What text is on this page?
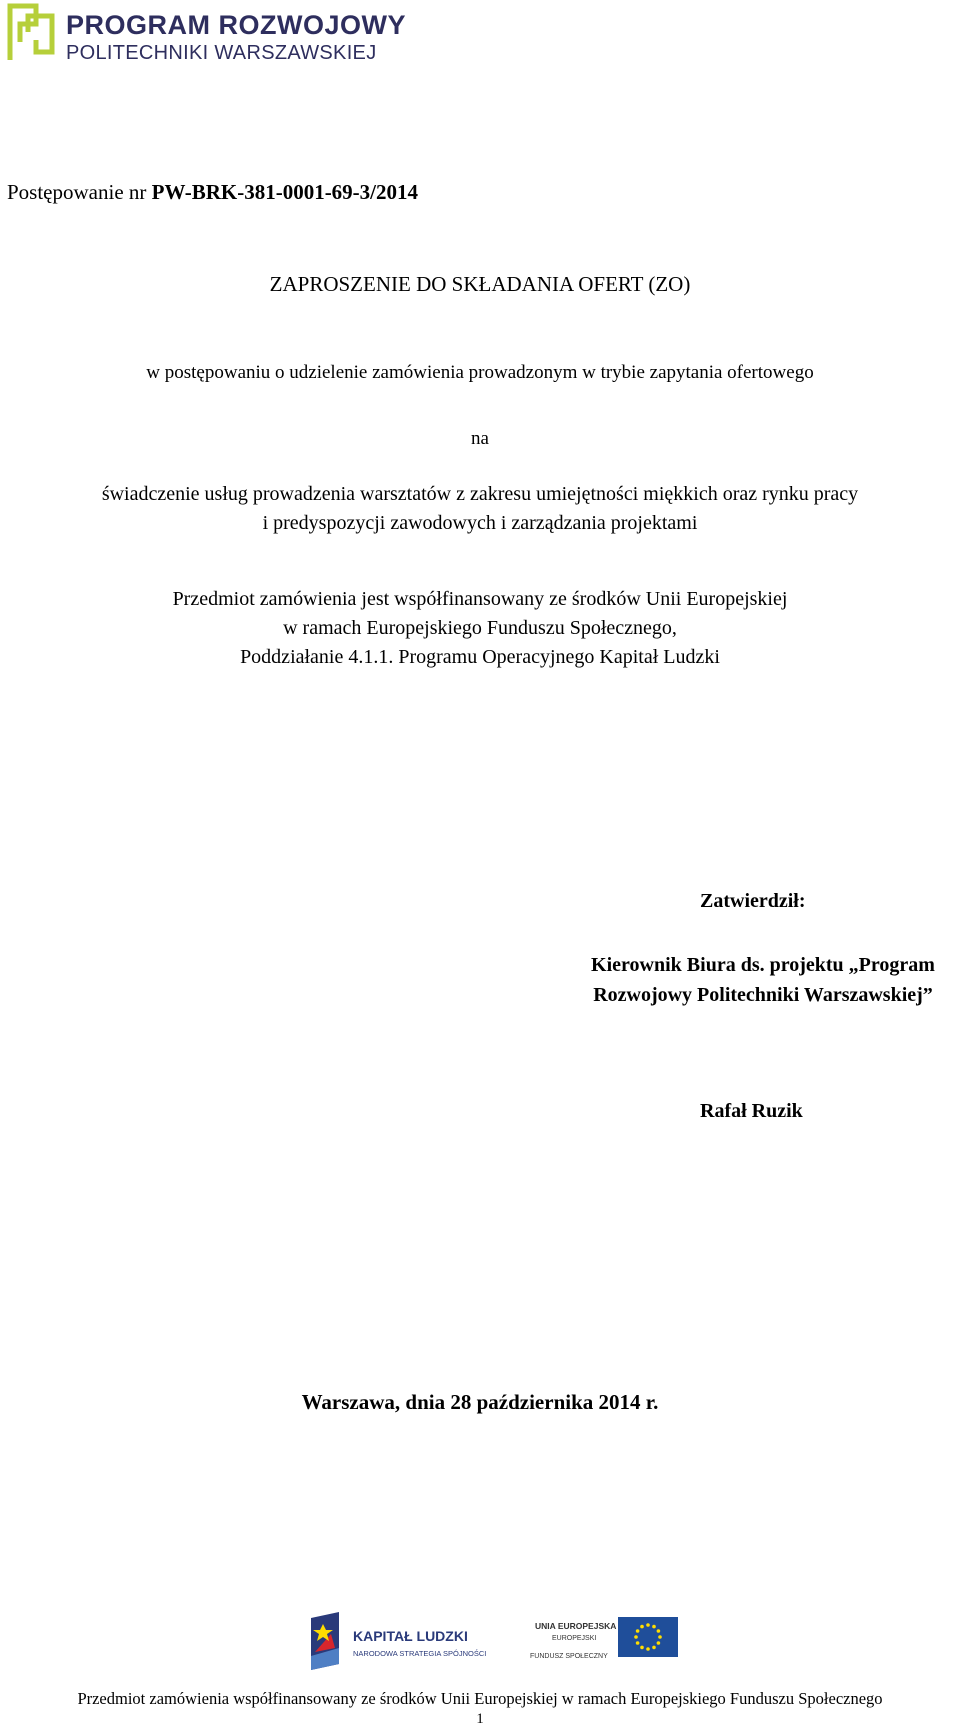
PROGRAM ROZWOJOWY
POLITECHNIKI WARSZAWSKIEJ
Postępowanie nr PW-BRK-381-0001-69-3/2014
ZAPROSZENIE DO SKŁADANIA OFERT (ZO)
w postępowaniu o udzielenie zamówienia prowadzonym w trybie zapytania ofertowego
na
świadczenie usług prowadzenia warsztatów z zakresu umiejętności miękkich oraz rynku pracy
i predyspozycji zawodowych i zarządzania projektami
Przedmiot zamówienia jest współfinansowany ze środków Unii Europejskiej
w ramach Europejskiego Funduszu Społecznego,
Poddziałanie 4.1.1. Programu Operacyjnego Kapitał Ludzki
Zatwierdził:
Kierownik Biura ds. projektu „Program
Rozwojowy Politechniki Warszawskiej”
Rafał Ruzik
Warszawa, dnia 28 października 2014 r.
KAPITAŁ LUDZKI
NARODOWA STRATEGIA SPÓJNOŚCI
UNIA EUROPEJSKA
EUROPEJSKI
FUNDUSZ SPOŁECZNY
Przedmiot zamówienia współfinansowany ze środków Unii Europejskiej w ramach Europejskiego Funduszu Społecznego
1
